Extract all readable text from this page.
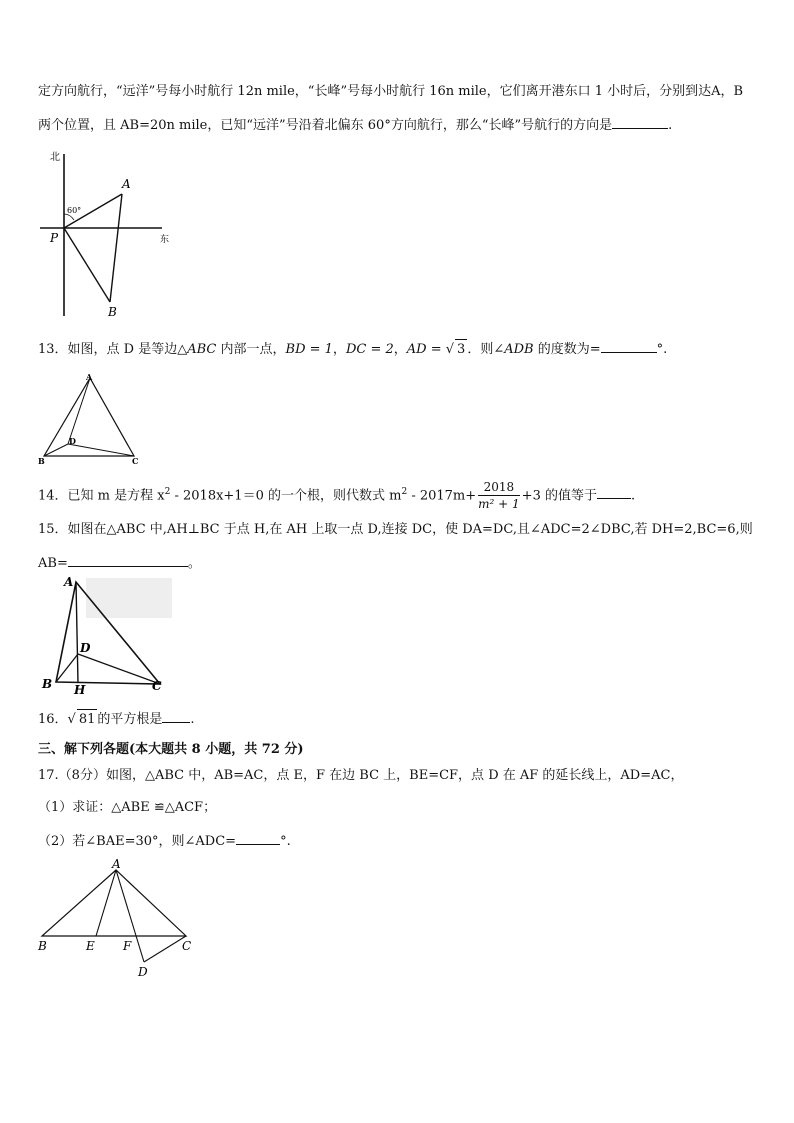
定方向航行，“远洋”号每小时航行 12n mile，“长峰”号每小时航行 16n mile，它们离开港东口 1 小时后，分别到达A，B
两个位置，且 AB=20n mile，已知“远洋”号沿着北偏东 60°方向航行，那么“长峰”号航行的方向是	.
北
东
60°
P
A
B
13．如图，点 D 是等边△ABC 内部一点，BD = 1，DC = 2，AD = √ 3 ．则∠ADB 的度数为=	°.
A
B	C
D
14．已知 m 是方程 $x^2 - 2018x+1=0$ 的一个根，则代数式 $m^2 - 2017m+ \frac{2018}{\text{m² + 1}} +3$ 的值等于	.
15．如图在△ABC 中,AH⊥BC 于点 H,在 AH 上取一点 D,连接 DC，使 DA=DC,且∠ADC=2∠DBC,若 DH=2,BC=6,则
AB=	。
A
B	C
D
H
16．√ 81 的平方根是 .
三、解下列各题(本大题共 8 小题，共 72 分)
17.（8分）如图，△ABC 中，AB=AC，点 E，F 在边 BC 上，BE=CF，点 D 在 AF 的延长线上，AD=AC，
（1）求证：△ABE ≌△ACF；
（2）若∠BAE=30°，则∠ADC=	°.
A
B	E F	C
D
